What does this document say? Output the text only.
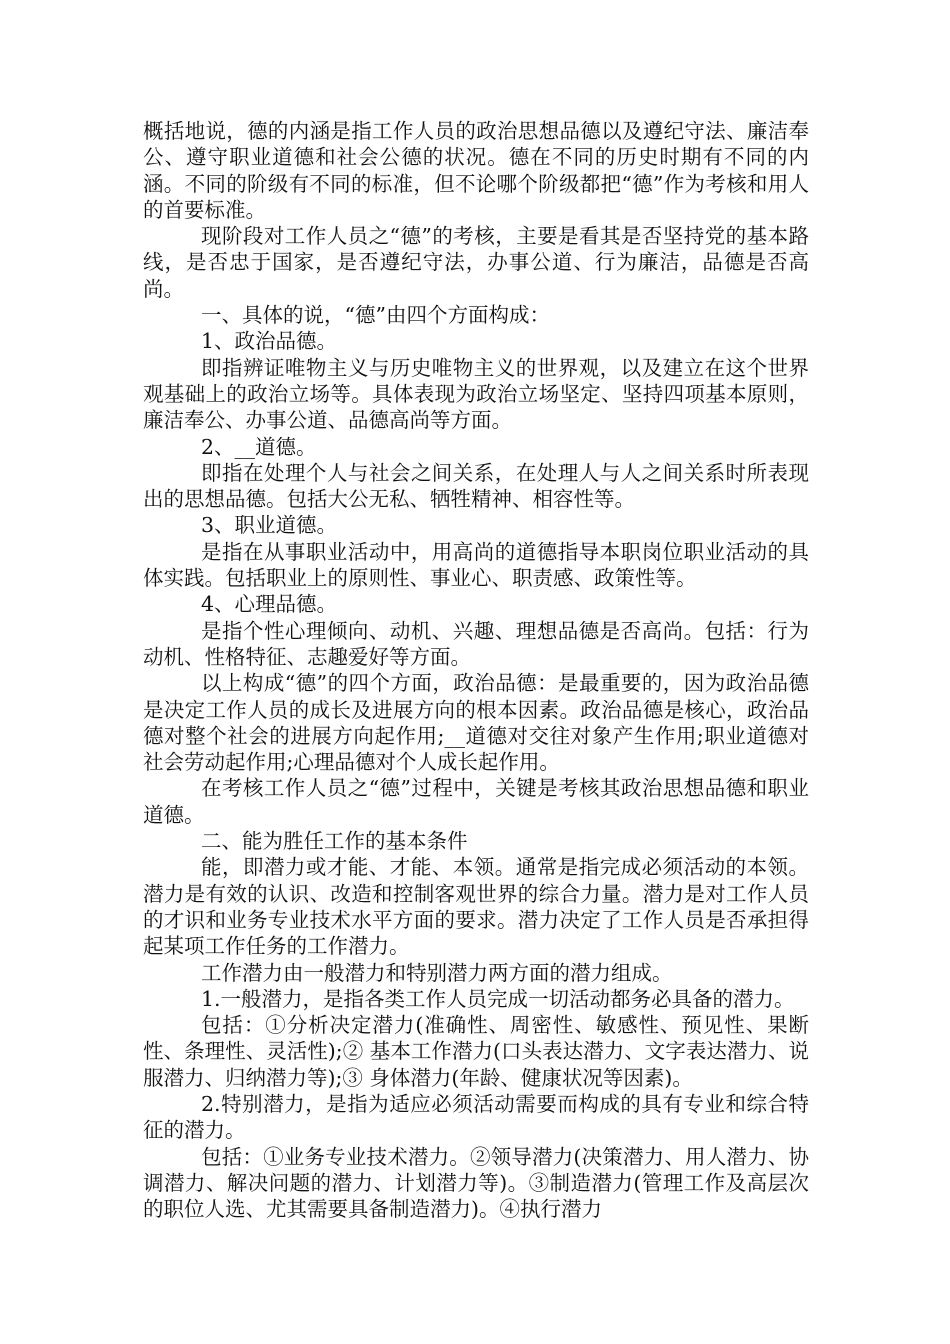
概括地说，德的内涵是指工作人员的政治思想品德以及遵纪守法、廉洁奉公、遵守职业道德和社会公德的状况。德在不同的历史时期有不同的内涵。不同的阶级有不同的标准，但不论哪个阶级都把“德”作为考核和用人的首要标准。

现阶段对工作人员之“德”的考核，主要是看其是否坚持党的基本路线，是否忠于国家，是否遵纪守法，办事公道、行为廉洁，品德是否高尚。

一、具体的说，“德”由四个方面构成：

1、政治品德。

即指辨证唯物主义与历史唯物主义的世界观，以及建立在这个世界观基础上的政治立场等。具体表现为政治立场坚定、坚持四项基本原则，廉洁奉公、办事公道、品德高尚等方面。

2、__道德。

即指在处理个人与社会之间关系，在处理人与人之间关系时所表现出的思想品德。包括大公无私、牺牲精神、相容性等。

3、职业道德。

是指在从事职业活动中，用高尚的道德指导本职岗位职业活动的具体实践。包括职业上的原则性、事业心、职责感、政策性等。

4、心理品德。

是指个性心理倾向、动机、兴趣、理想品德是否高尚。包括：行为动机、性格特征、志趣爱好等方面。

以上构成“德”的四个方面，政治品德：是最重要的，因为政治品德是决定工作人员的成长及进展方向的根本因素。政治品德是核心，政治品德对整个社会的进展方向起作用;__道德对交往对象产生作用;职业道德对社会劳动起作用;心理品德对个人成长起作用。

在考核工作人员之“德”过程中，关键是考核其政治思想品德和职业道德。

二、能为胜任工作的基本条件

能，即潜力或才能、才能、本领。通常是指完成必须活动的本领。潜力是有效的认识、改造和控制客观世界的综合力量。潜力是对工作人员的才识和业务专业技术水平方面的要求。潜力决定了工作人员是否承担得起某项工作任务的工作潜力。

工作潜力由一般潜力和特别潜力两方面的潜力组成。

1.一般潜力，是指各类工作人员完成一切活动都务必具备的潜力。

包括：①分析决定潜力(准确性、周密性、敏感性、预见性、果断性、条理性、灵活性);② 基本工作潜力(口头表达潜力、文字表达潜力、说服潜力、归纳潜力等);③ 身体潜力(年龄、健康状况等因素)。

2.特别潜力，是指为适应必须活动需要而构成的具有专业和综合特征的潜力。

包括：①业务专业技术潜力。②领导潜力(决策潜力、用人潜力、协调潜力、解决问题的潜力、计划潜力等)。③制造潜力(管理工作及高层次的职位人选、尤其需要具备制造潜力)。④执行潜力
